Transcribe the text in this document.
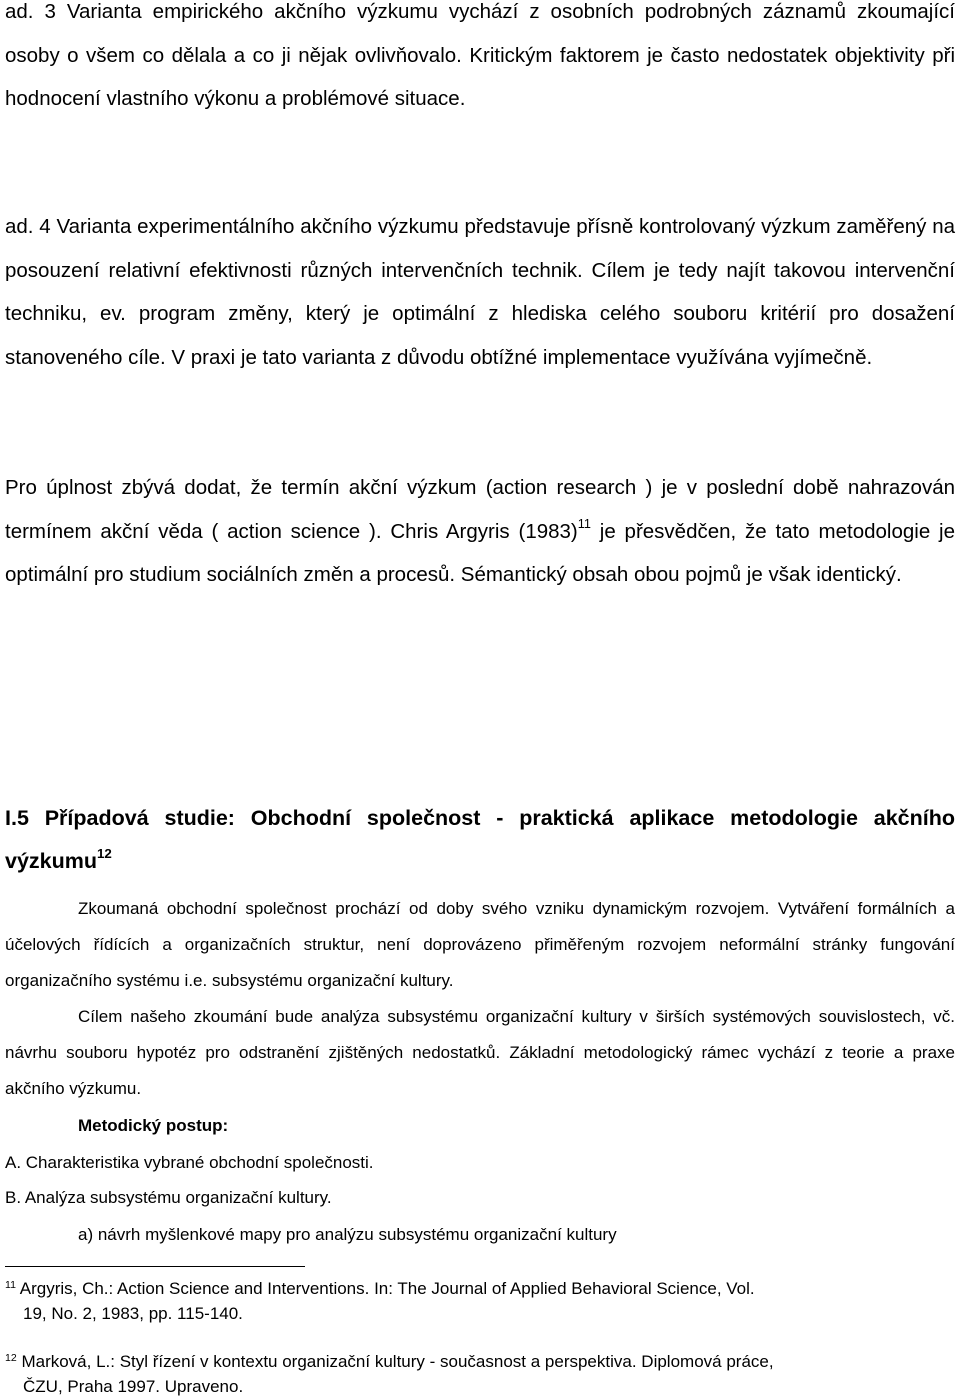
ad. 3 Varianta empirického akčního výzkumu vychází z osobních podrobných záznamů zkoumající osoby o všem co dělala a co ji nějak ovlivňovalo. Kritickým faktorem je často nedostatek objektivity při hodnocení vlastního výkonu a problémové situace.

ad. 4 Varianta experimentálního akčního výzkumu představuje přísně kontrolovaný výzkum zaměřený na posouzení relativní efektivnosti různých intervenčních technik. Cílem je tedy najít takovou intervenční techniku, ev. program změny, který je optimální z hlediska celého souboru kritérií pro dosažení stanoveného cíle. V praxi je tato varianta z důvodu obtížné implementace využívána vyjímečně.

Pro úplnost zbývá dodat, že termín akční výzkum (action research ) je v poslední době nahrazován termínem akční věda ( action science ). Chris Argyris $(1983)^{11}$ je přesvědčen, že tato metodologie je optimální pro studium sociálních změn a procesů. Sémantický obsah obou pojmů je však identický.

I.5 Případová studie: Obchodní společnost - praktická aplikace metodologie akčního výzkumu$^{12}$

Zkoumaná obchodní společnost prochází od doby svého vzniku dynamickým rozvojem. Vytváření formálních a účelových řídících a organizačních struktur, není doprovázeno přiměřeným rozvojem neformální stránky fungování organizačního systému i.e. subsystému organizační kultury.

Cílem našeho zkoumání bude analýza subsystému organizační kultury v širších systémových souvislostech, vč. návrhu souboru hypotéz pro odstranění zjištěných nedostatků. Základní metodologický rámec vychází z teorie a praxe akčního výzkumu.

Metodický postup:

A. Charakteristika vybrané obchodní společnosti.

B. Analýza subsystému organizační kultury.

a) návrh myšlenkové mapy pro analýzu subsystému organizační kultury

$^{11}$ Argyris, Ch.: Action Science and Interventions. In: The Journal of Applied Behavioral Science, Vol.
19, No. 2, 1983, pp. 115-140.
$^{12}$ Marková, L.: Styl řízení v kontextu organizační kultury - současnost a perspektiva. Diplomová práce,
ČZU, Praha 1997. Upraveno.
